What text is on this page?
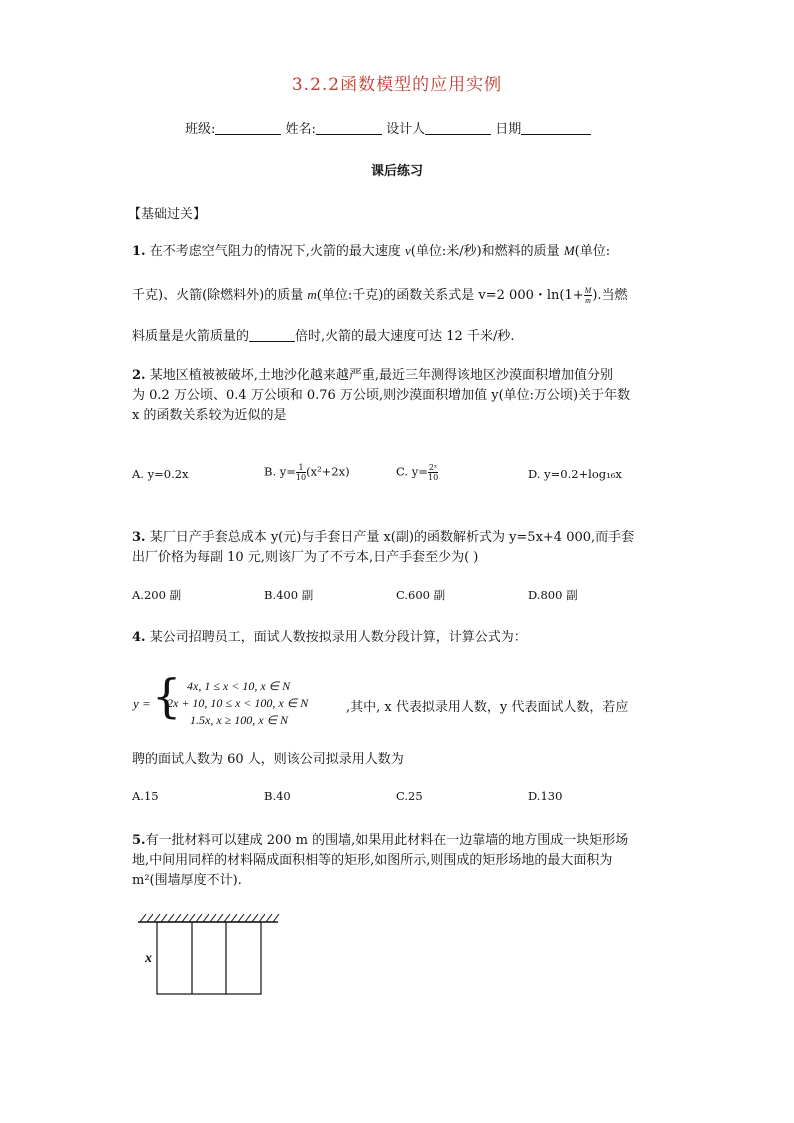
3.2.2函数模型的应用实例
班级:	姓名:	设计人	日期
课后练习
【基础过关】
1. 在不考虑空气阻力的情况下,火箭的最大速度 v(单位:米/秒)和燃料的质量 M(单位:
千克)、火箭(除燃料外)的质量 m(单位:千克)的函数关系式是 v=2 000・$\ln(1+ \frac{M}{m}$ ).当燃
料质量是火箭质量的	倍时,火箭的最大速度可达 12 千米/秒.
2. 某地区植被被破坏,土地沙化越来越严重,最近三年测得该地区沙漠面积增加值分别
为 0.2 万公顷、0.4 万公顷和 0.76 万公顷,则沙漠面积增加值 y(单位:万公顷)关于年数
x 的函数关系较为近似的是
A. y=0.2x	B. $y= \frac{1}{10} (x^2+2x)$	C. $y= \frac{\text{2ˣ}}{10}$	D. y=0.2+log₁₆x
3. 某厂日产手套总成本 y(元)与手套日产量 x(副)的函数解析式为 y=5x+4 000,而手套
出厂价格为每副 10 元,则该厂为了不亏本,日产手套至少为( )
A.200 副	B.400 副	C.600 副	D.800 副
4. 某公司招聘员工，面试人数按拟录用人数分段计算，计算公式为：
y = { 4x, 1 ≤ x < 10, x ∈ N
2x + 10, 10 ≤ x < 100, x ∈ N
1.5x, x ≥ 100, x ∈ N
,其中, x 代表拟录用人数，y 代表面试人数，若应
聘的面试人数为 60 人，则该公司拟录用人数为
A.15	B.40	C.25	D.130
5.有一批材料可以建成 200 m 的围墙,如果用此材料在一边靠墙的地方围成一块矩形场
地,中间用同样的材料隔成面积相等的矩形,如图所示,则围成的矩形场地的最大面积为
m²(围墙厚度不计).
x
